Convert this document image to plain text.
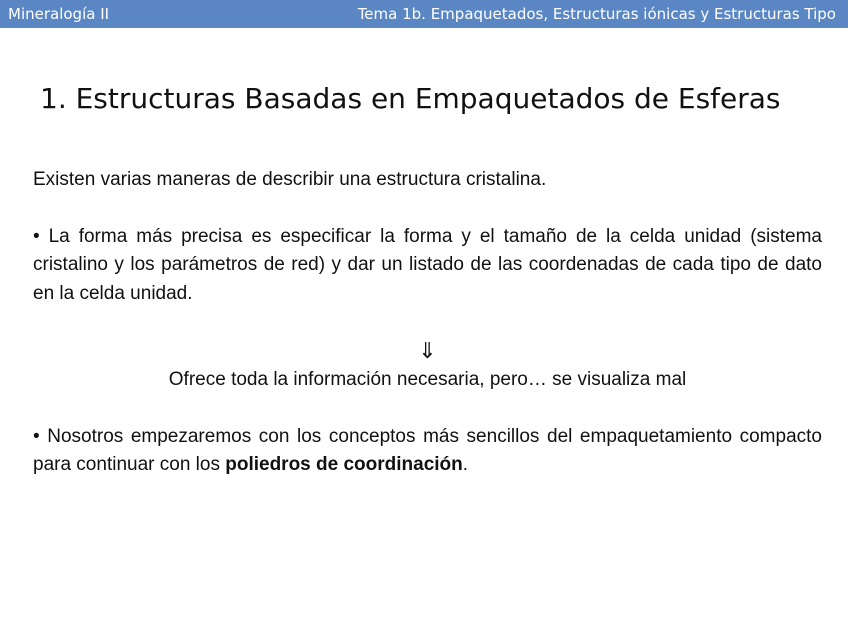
Mineralogía II	Tema 1b. Empaquetados, Estructuras iónicas y Estructuras Tipo
1. Estructuras Basadas en Empaquetados de Esferas

Existen varias maneras de describir una estructura cristalina.

• La forma más precisa es especificar la forma y el tamaño de la celda unidad (sistema cristalino y los parámetros de red) y dar un listado de las coordenadas de cada tipo de dato en la celda unidad.

⇓

Ofrece toda la información necesaria, pero… se visualiza mal

• Nosotros empezaremos con los conceptos más sencillos del empaquetamiento compacto para continuar con los poliedros de coordinación.
